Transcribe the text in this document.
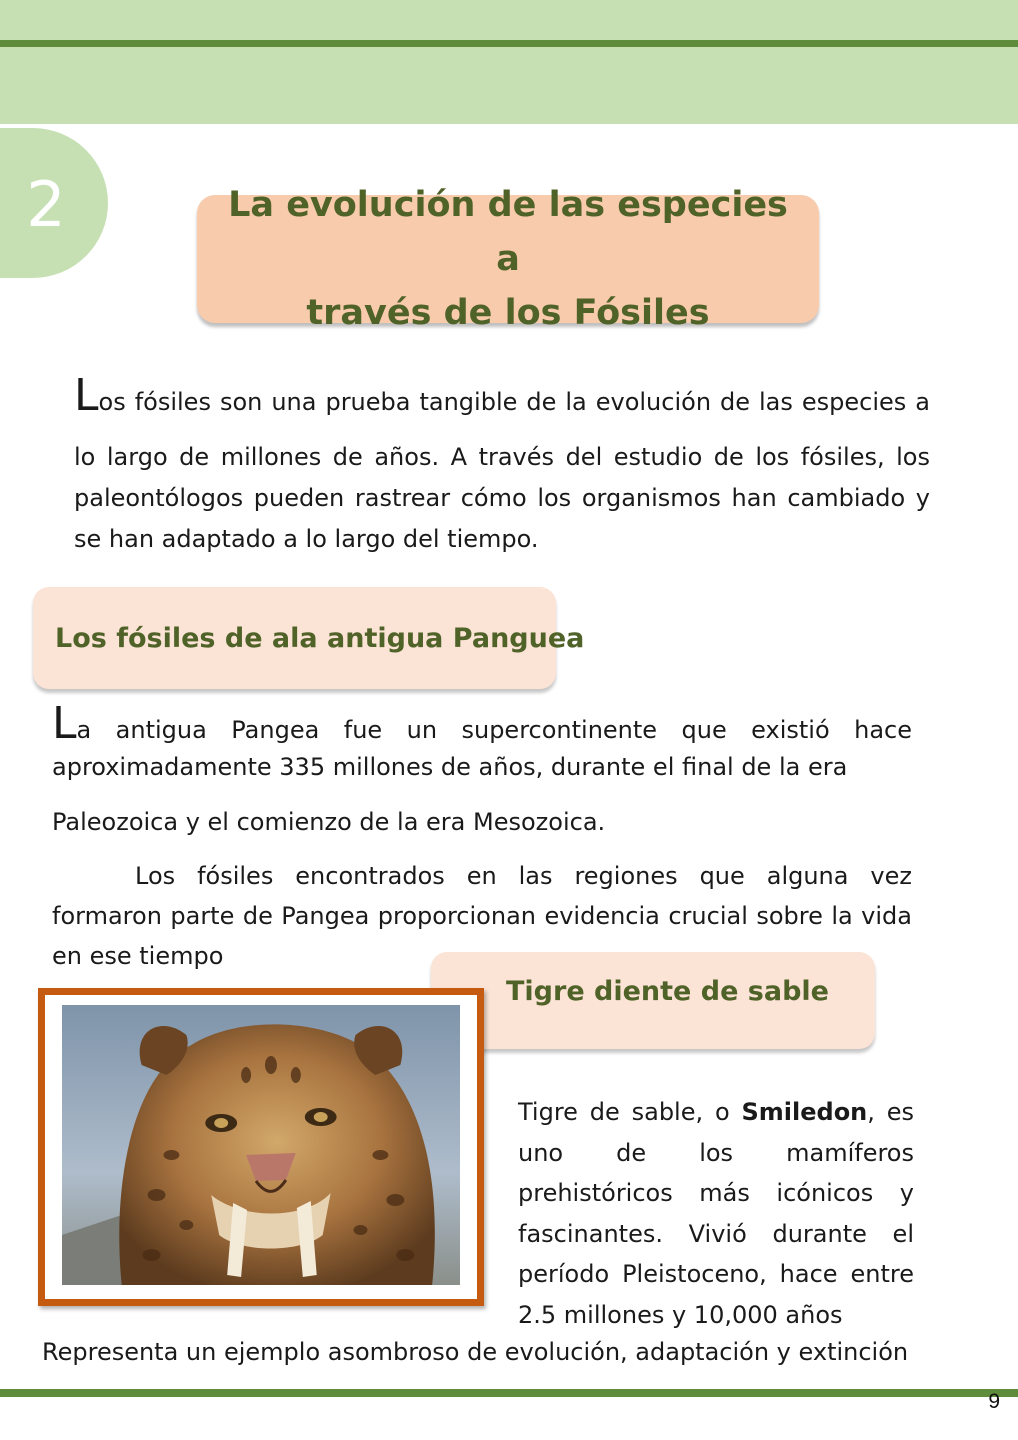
2	La evolución de las especies a
través de los Fósiles

Los fósiles son una prueba tangible de la evolución de las especies a

lo largo de millones de años. A través del estudio de los fósiles, los paleontólogos pueden rastrear cómo los organismos han cambiado y se han adaptado a lo largo del tiempo.

Los fósiles de ala antigua Panguea

La antigua Pangea fue un supercontinente que existió hace

aproximadamente 335 millones de años, durante el final de la era

Paleozoica y el comienzo de la era Mesozoica.

Los fósiles encontrados en las regiones que alguna vez formaron parte de Pangea proporcionan evidencia crucial sobre la vida en ese tiempo

Tigre diente de sable

Tigre de sable, o Smiledon, es uno de los mamíferos prehistóricos más icónicos y fascinantes. Vivió durante el período Pleistoceno, hace entre 2.5 millones y 10,000 años

Representa un ejemplo asombroso de evolución, adaptación y extinción

9
